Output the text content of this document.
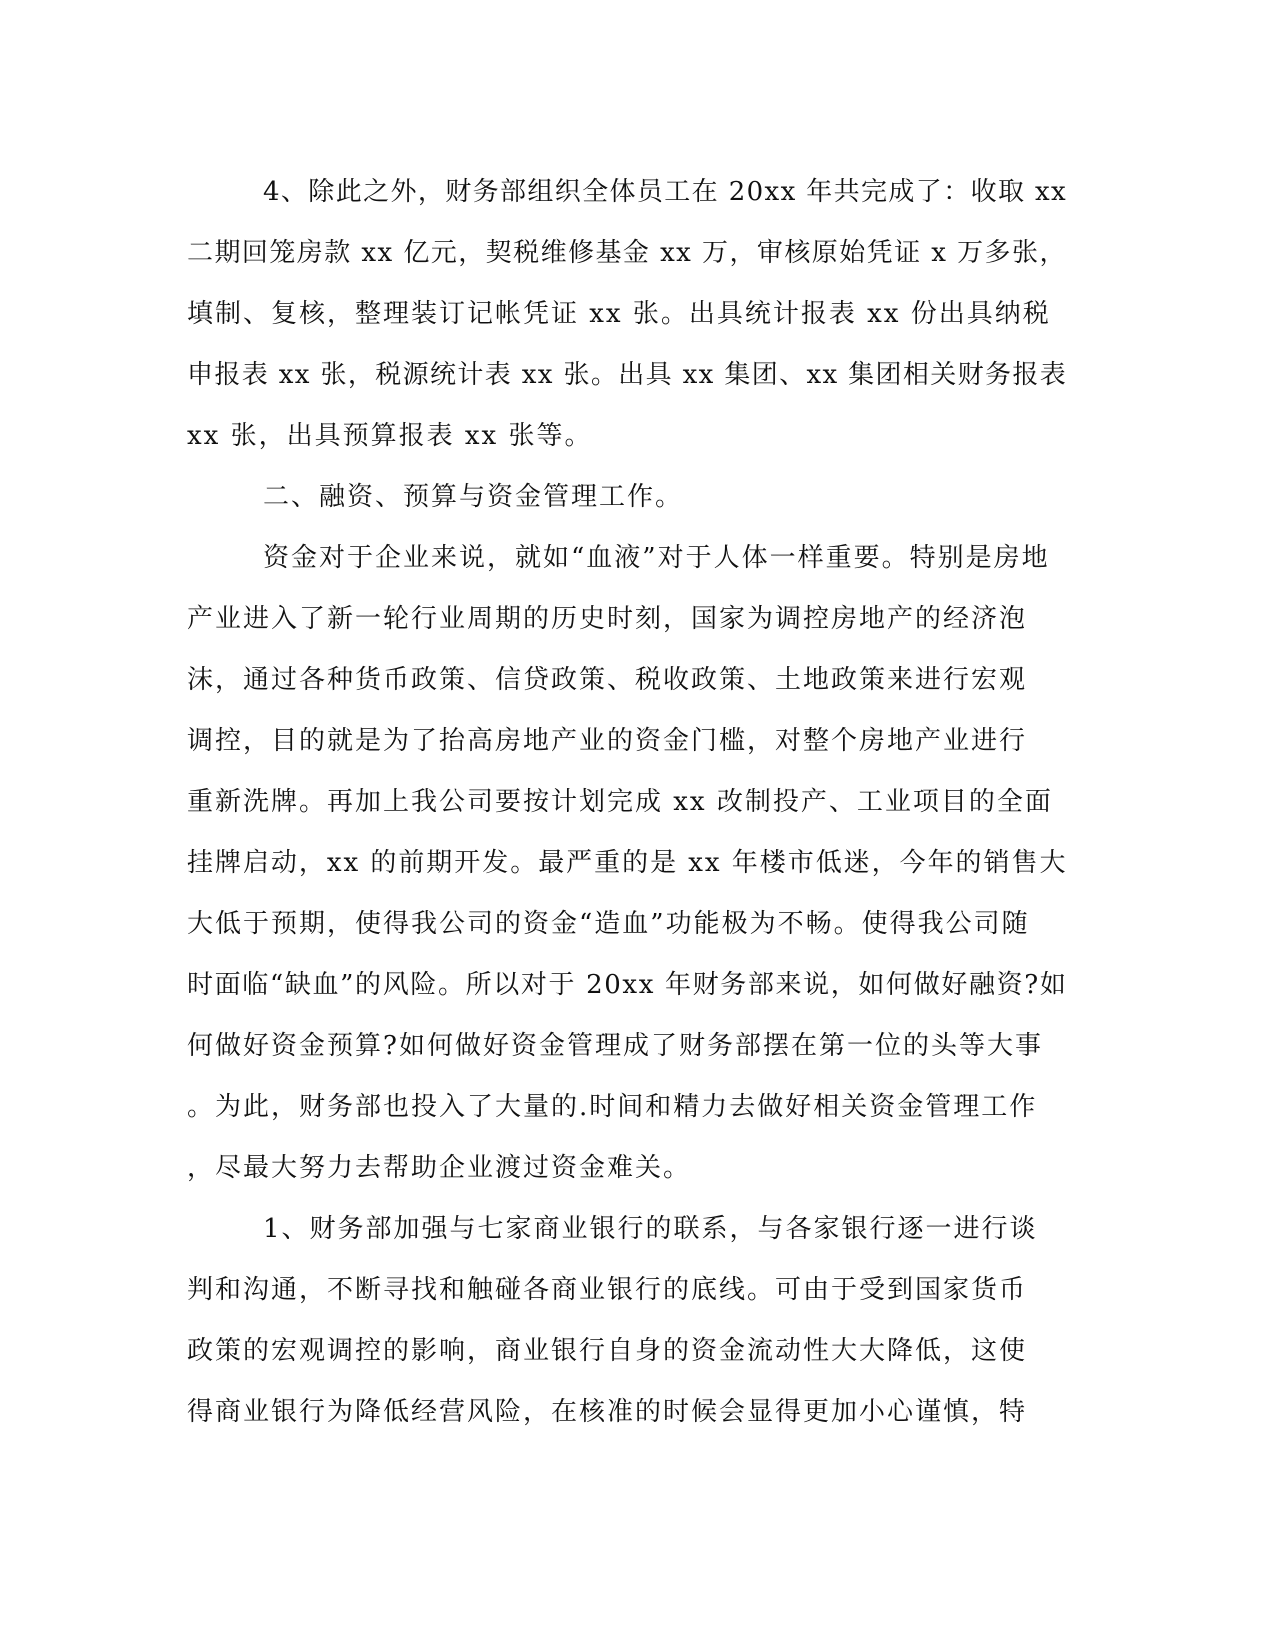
4、除此之外，财务部组织全体员工在 20xx 年共完成了：收取 xx
二期回笼房款 xx 亿元，契税维修基金 xx 万，审核原始凭证 x 万多张，
填制、复核，整理装订记帐凭证 xx 张。出具统计报表 xx 份出具纳税
申报表 xx 张，税源统计表 xx 张。出具 xx 集团、xx 集团相关财务报表
xx 张，出具预算报表 xx 张等。
二、融资、预算与资金管理工作。
资金对于企业来说，就如“血液”对于人体一样重要。特别是房地
产业进入了新一轮行业周期的历史时刻，国家为调控房地产的经济泡
沫，通过各种货币政策、信贷政策、税收政策、土地政策来进行宏观
调控，目的就是为了抬高房地产业的资金门槛，对整个房地产业进行
重新洗牌。再加上我公司要按计划完成 xx 改制投产、工业项目的全面
挂牌启动，xx 的前期开发。最严重的是 xx 年楼市低迷，今年的销售大
大低于预期，使得我公司的资金“造血”功能极为不畅。使得我公司随
时面临“缺血”的风险。所以对于 20xx 年财务部来说，如何做好融资?如
何做好资金预算?如何做好资金管理成了财务部摆在第一位的头等大事
。为此，财务部也投入了大量的.时间和精力去做好相关资金管理工作
，尽最大努力去帮助企业渡过资金难关。
1、财务部加强与七家商业银行的联系，与各家银行逐一进行谈
判和沟通，不断寻找和触碰各商业银行的底线。可由于受到国家货币
政策的宏观调控的影响，商业银行自身的资金流动性大大降低，这使
得商业银行为降低经营风险，在核准的时候会显得更加小心谨慎，特
